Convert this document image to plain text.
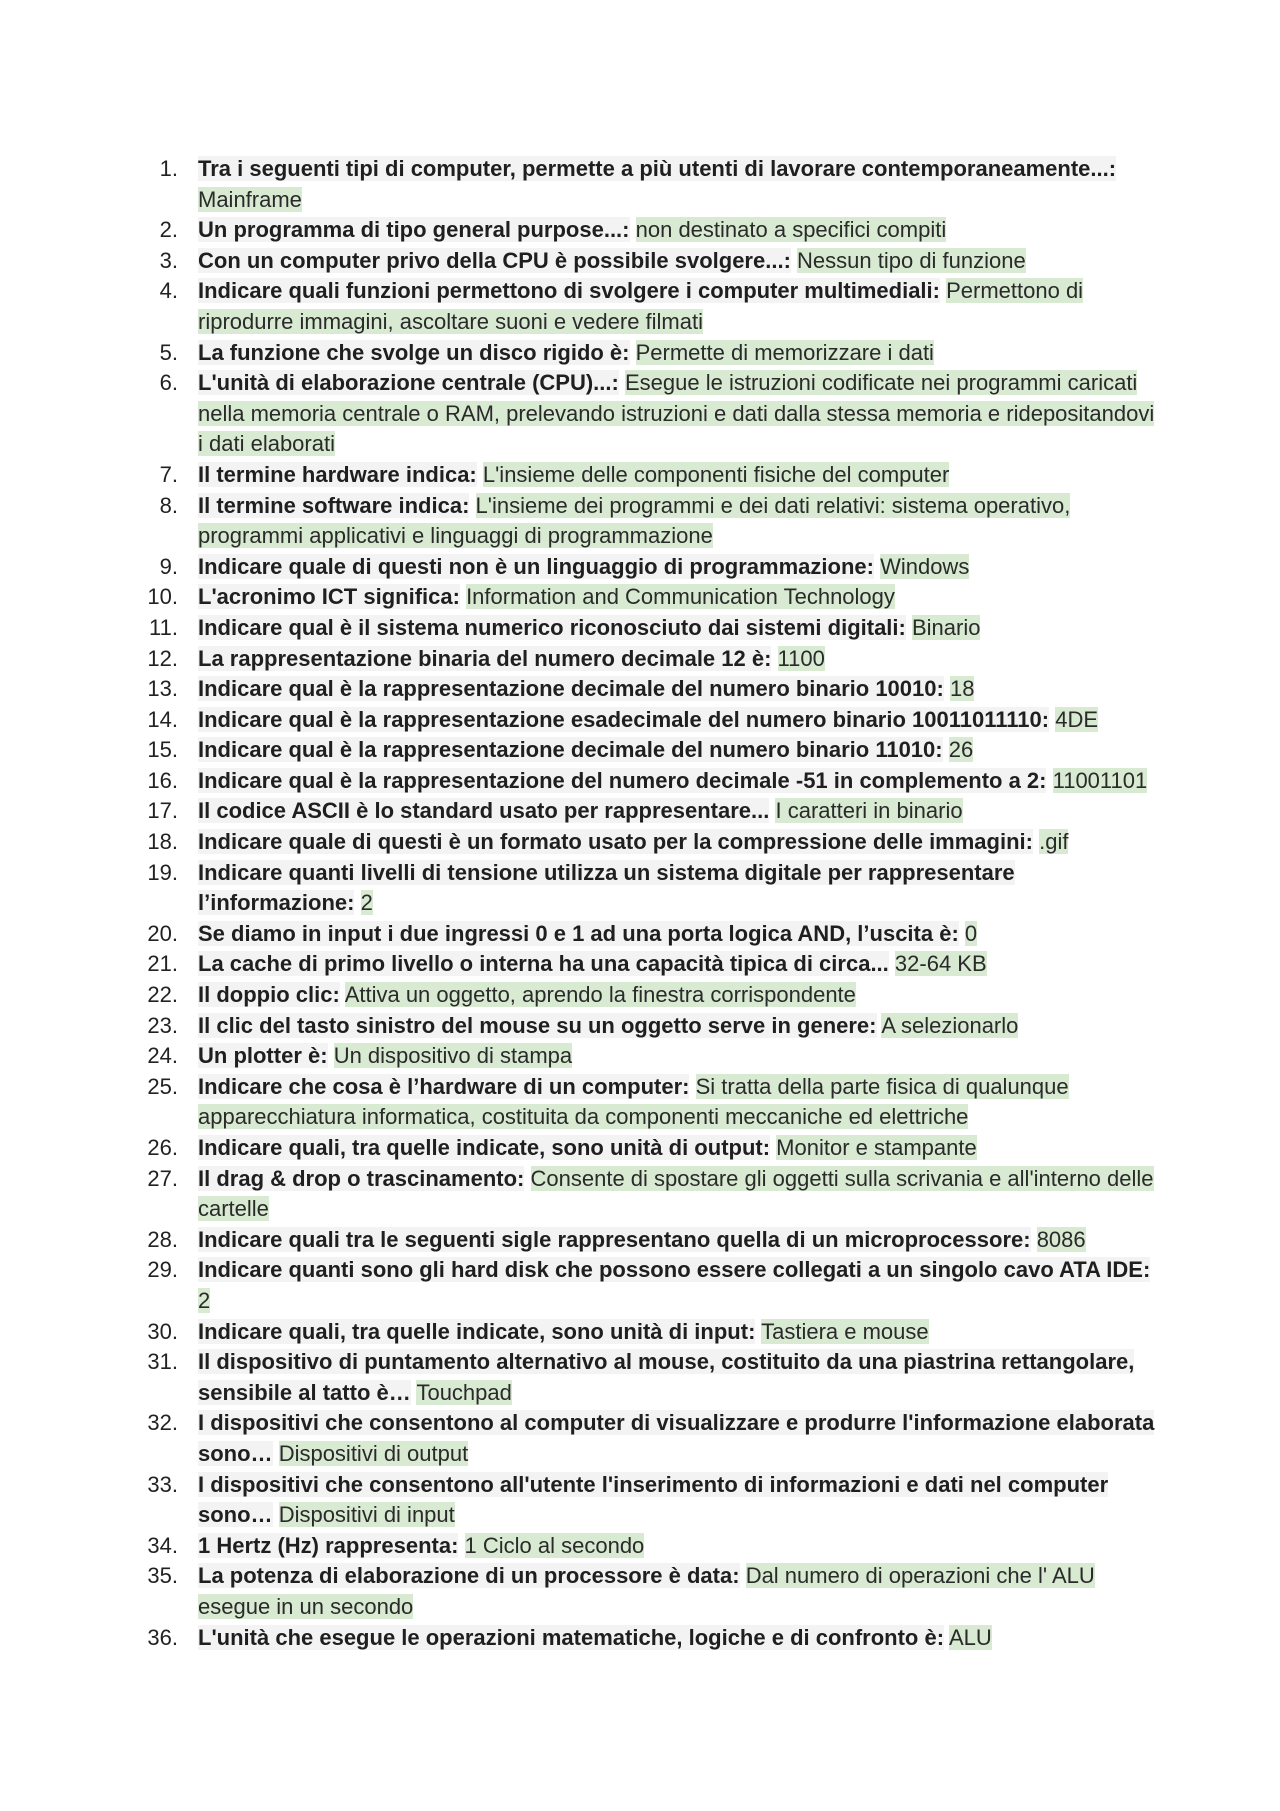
1. Tra i seguenti tipi di computer, permette a più utenti di lavorare contemporaneamente...: Mainframe
2. Un programma di tipo general purpose...: non destinato a specifici compiti
3. Con un computer privo della CPU è possibile svolgere...: Nessun tipo di funzione
4. Indicare quali funzioni permettono di svolgere i computer multimediali: Permettono di riprodurre immagini, ascoltare suoni e vedere filmati
5. La funzione che svolge un disco rigido è: Permette di memorizzare i dati
6. L'unità di elaborazione centrale (CPU)...: Esegue le istruzioni codificate nei programmi caricati nella memoria centrale o RAM, prelevando istruzioni e dati dalla stessa memoria e ridepositandovi i dati elaborati
7. Il termine hardware indica: L'insieme delle componenti fisiche del computer
8. Il termine software indica: L'insieme dei programmi e dei dati relativi: sistema operativo, programmi applicativi e linguaggi di programmazione
9. Indicare quale di questi non è un linguaggio di programmazione: Windows
10. L'acronimo ICT significa: Information and Communication Technology
11. Indicare qual è il sistema numerico riconosciuto dai sistemi digitali: Binario
12. La rappresentazione binaria del numero decimale 12 è: 1100
13. Indicare qual è la rappresentazione decimale del numero binario 10010: 18
14. Indicare qual è la rappresentazione esadecimale del numero binario 10011011110: 4DE
15. Indicare qual è la rappresentazione decimale del numero binario 11010: 26
16. Indicare qual è la rappresentazione del numero decimale -51 in complemento a 2: 11001101
17. Il codice ASCII è lo standard usato per rappresentare... I caratteri in binario
18. Indicare quale di questi è un formato usato per la compressione delle immagini: .gif
19. Indicare quanti livelli di tensione utilizza un sistema digitale per rappresentare l’informazione: 2
20. Se diamo in input i due ingressi 0 e 1 ad una porta logica AND, l’uscita è: 0
21. La cache di primo livello o interna ha una capacità tipica di circa... 32-64 KB
22. Il doppio clic: Attiva un oggetto, aprendo la finestra corrispondente
23. Il clic del tasto sinistro del mouse su un oggetto serve in genere: A selezionarlo
24. Un plotter è: Un dispositivo di stampa
25. Indicare che cosa è l’hardware di un computer: Si tratta della parte fisica di qualunque apparecchiatura informatica, costituita da componenti meccaniche ed elettriche
26. Indicare quali, tra quelle indicate, sono unità di output: Monitor e stampante
27. Il drag & drop o trascinamento: Consente di spostare gli oggetti sulla scrivania e all'interno delle cartelle
28. Indicare quali tra le seguenti sigle rappresentano quella di un microprocessore: 8086
29. Indicare quanti sono gli hard disk che possono essere collegati a un singolo cavo ATA IDE: 2
30. Indicare quali, tra quelle indicate, sono unità di input: Tastiera e mouse
31. Il dispositivo di puntamento alternativo al mouse, costituito da una piastrina rettangolare, sensibile al tatto è… Touchpad
32. I dispositivi che consentono al computer di visualizzare e produrre l'informazione elaborata sono… Dispositivi di output
33. I dispositivi che consentono all'utente l'inserimento di informazioni e dati nel computer sono… Dispositivi di input
34. 1 Hertz (Hz) rappresenta: 1 Ciclo al secondo
35. La potenza di elaborazione di un processore è data: Dal numero di operazioni che l' ALU esegue in un secondo
36. L'unità che esegue le operazioni matematiche, logiche e di confronto è: ALU
